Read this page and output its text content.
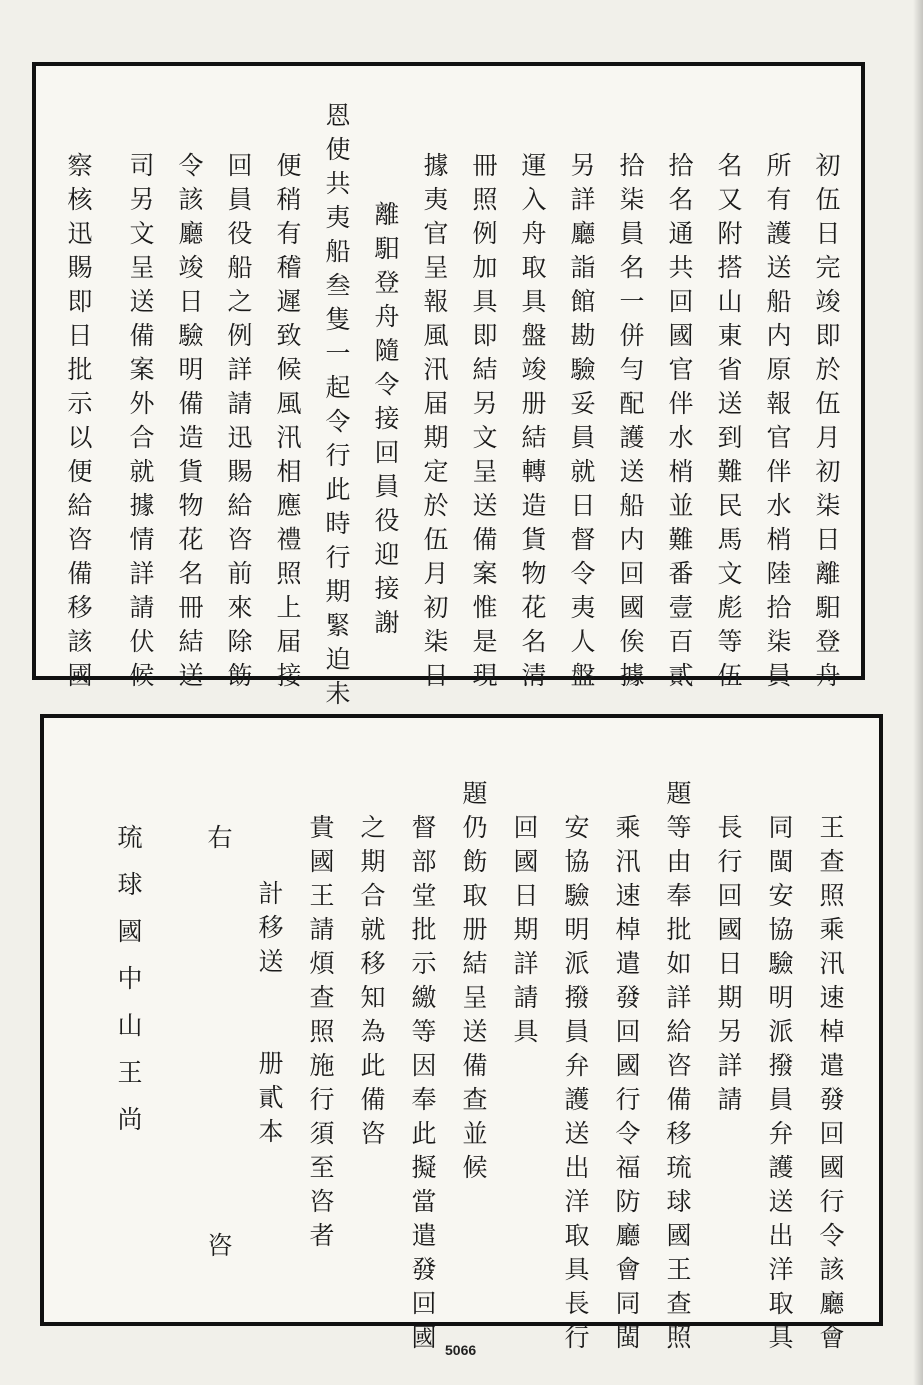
初伍日完竣即於伍月初柒日離馹登舟
所有護送船内原報官伴水梢陸拾柒員
名又附搭山東省送到難民馬文彪等伍
拾名通共回國官伴水梢並難番壹百貳
拾柒員名一併勻配護送船内回國俟據
另詳廳詣館勘驗妥員就日督令夷人盤
運入舟取具盤竣册結轉造貨物花名清
冊照例加具即結另文呈送備案惟是現
據夷官呈報風汛届期定於伍月初柒日
離馹登舟隨令接回員役迎接謝
恩使共夷船叁隻一起令行此時行期緊迫未
便稍有稽遲致候風汛相應禮照上届接
回員役船之例詳請迅賜給咨前來除飭
令該廳竣日驗明備造貨物花名冊結送
司另文呈送備案外合就據情詳請伏候
察核迅賜即日批示以便給咨備移該國
王查照乘汛速棹遣發回國行令該廳會
同閩安協驗明派撥員弁護送出洋取具
長行回國日期另詳請
題等由奉批如詳給咨備移琉球國王查照
乘汛速棹遣發回國行令福防廳會同閩
安協驗明派撥員弁護送出洋取具長行
回國日期詳請具
題仍飭取册結呈送備查並候
督部堂批示繳等因奉此擬當遣發回國
之期合就移知為此備咨
貴國王請煩查照施行須至咨者
計移送　　册貳本
右　　　　　　　　　　　咨
琉球國中山王尚
5066
